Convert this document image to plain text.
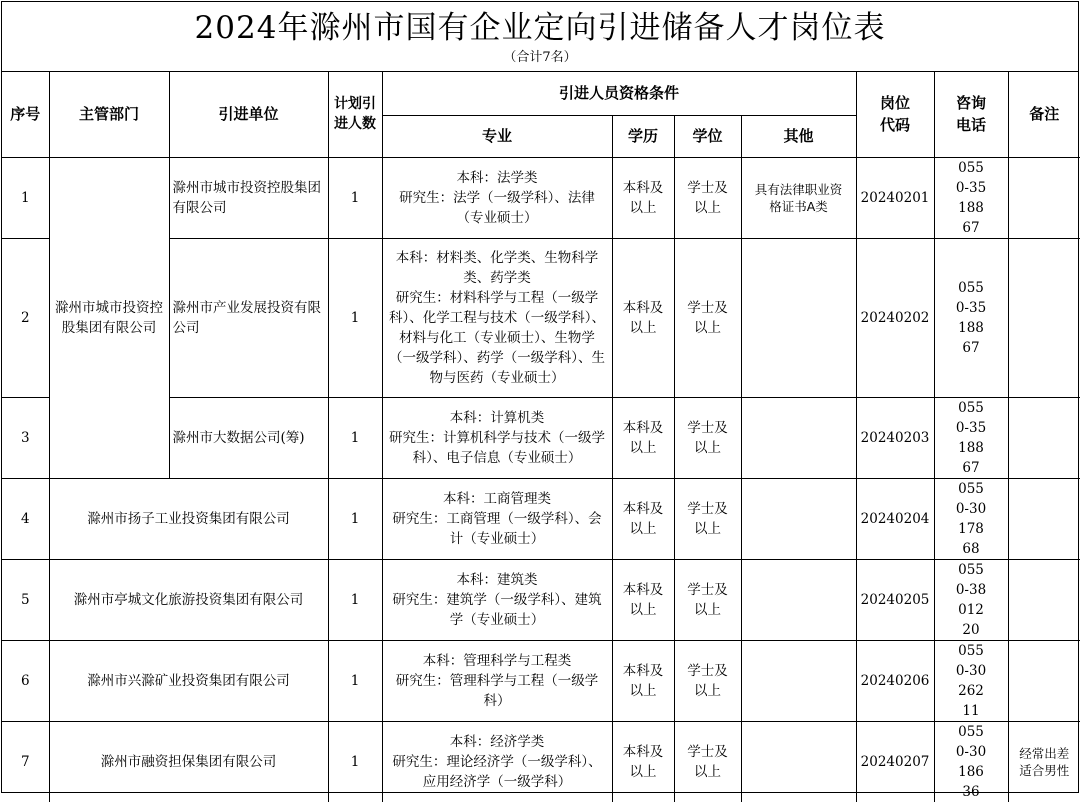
2024年滁州市国有企业定向引进储备人才岗位表
（合计7名）
序号	主管部门	引进单位	计划引进人数	引进人员资格条件				岗位代码	咨询电话	备注
				专业	学历	学位	其他			
1	滁州市城市投资控股集团有限公司	滁州市城市投资控股集团有限公司	1	本科：法学类
研究生：法学（一级学科）、法律（专业硕士）	本科及以上	学士及以上	具有法律职业资格证书A类	20240201	0550-3518867	
2		滁州市产业发展投资有限公司	1	本科：材料类、化学类、生物科学类、药学类
研究生：材料科学与工程（一级学科）、化学工程与技术（一级学科）、材料与化工（专业硕士）、生物学（一级学科）、药学（一级学科）、生物与医药（专业硕士）	本科及以上	学士及以上		20240202	0550-3518867	
3		滁州市大数据公司(筹)	1	本科：计算机类
研究生：计算机科学与技术（一级学科）、电子信息（专业硕士）	本科及以上	学士及以上		20240203	0550-3518867	
4	滁州市扬子工业投资集团有限公司		1	本科：工商管理类
研究生：工商管理（一级学科）、会计（专业硕士）	本科及以上	学士及以上		20240204	0550-3017868	
5	滁州市亭城文化旅游投资集团有限公司		1	本科：建筑类
研究生：建筑学（一级学科）、建筑学（专业硕士）	本科及以上	学士及以上		20240205	0550-3801220	
6	滁州市兴滁矿业投资集团有限公司		1	本科：管理科学与工程类
研究生：管理科学与工程（一级学科）	本科及以上	学士及以上		20240206	0550-3026211	
7	滁州市融资担保集团有限公司		1	本科：经济学类
研究生：理论经济学（一级学科）、应用经济学（一级学科）	本科及以上	学士及以上		20240207	0550-3018636	经常出差适合男性
